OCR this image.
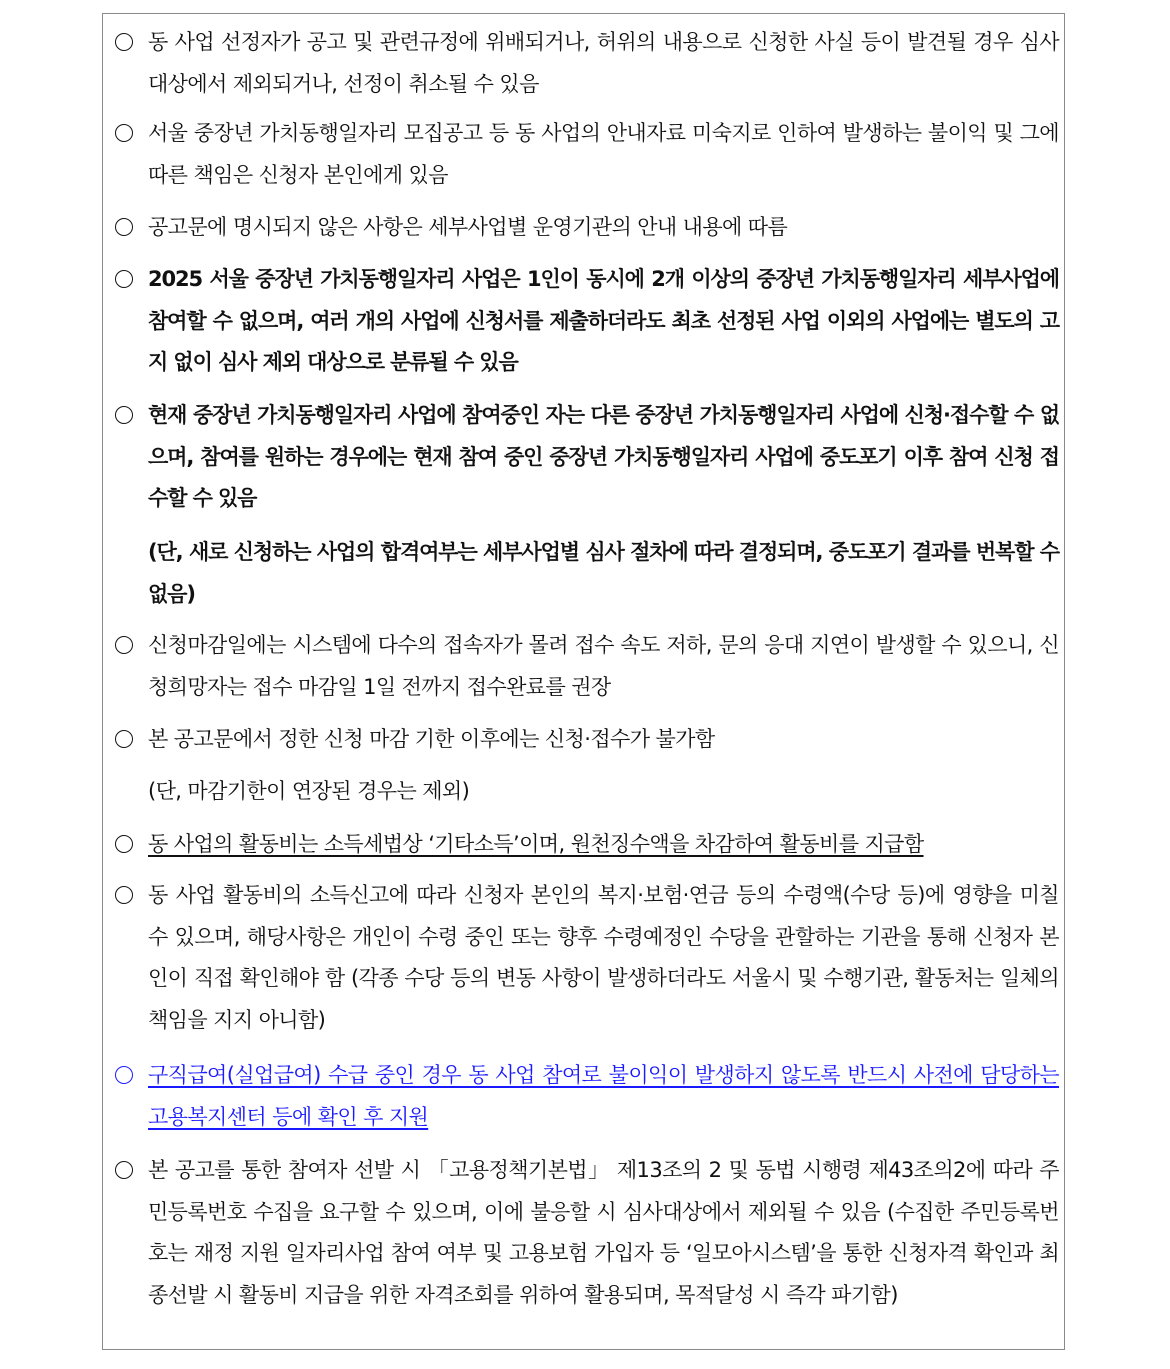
동 사업 선정자가 공고 및 관련규정에 위배되거나, 허위의 내용으로 신청한 사실 등이 발견될 경우 심사대상에서 제외되거나, 선정이 취소될 수 있음
서울 중장년 가치동행일자리 모집공고 등 동 사업의 안내자료 미숙지로 인하여 발생하는 불이익 및 그에 따른 책임은 신청자 본인에게 있음
공고문에 명시되지 않은 사항은 세부사업별 운영기관의 안내 내용에 따름
2025 서울 중장년 가치동행일자리 사업은 1인이 동시에 2개 이상의 중장년 가치동행일자리 세부사업에 참여할 수 없으며, 여러 개의 사업에 신청서를 제출하더라도 최초 선정된 사업 이외의 사업에는 별도의 고지 없이 심사 제외 대상으로 분류될 수 있음
현재 중장년 가치동행일자리 사업에 참여중인 자는 다른 중장년 가치동행일자리 사업에 신청·접수할 수 없으며, 참여를 원하는 경우에는 현재 참여 중인 중장년 가치동행일자리 사업에 중도포기 이후 참여 신청 접수할 수 있음
(단, 새로 신청하는 사업의 합격여부는 세부사업별 심사 절차에 따라 결정되며, 중도포기 결과를 번복할 수 없음)
신청마감일에는 시스템에 다수의 접속자가 몰려 접수 속도 저하, 문의 응대 지연이 발생할 수 있으니, 신청희망자는 접수 마감일 1일 전까지 접수완료를 권장
본 공고문에서 정한 신청 마감 기한 이후에는 신청·접수가 불가함
(단, 마감기한이 연장된 경우는 제외)
동 사업의 활동비는 소득세법상 ‘기타소득’이며, 원천징수액을 차감하여 활동비를 지급함
동 사업 활동비의 소득신고에 따라 신청자 본인의 복지·보험·연금 등의 수령액(수당 등)에 영향을 미칠 수 있으며, 해당사항은 개인이 수령 중인 또는 향후 수령예정인 수당을 관할하는 기관을 통해 신청자 본인이 직접 확인해야 함 (각종 수당 등의 변동 사항이 발생하더라도 서울시 및 수행기관, 활동처는 일체의 책임을 지지 아니함)
구직급여(실업급여) 수급 중인 경우 동 사업 참여로 불이익이 발생하지 않도록 반드시 사전에 담당하는 고용복지센터 등에 확인 후 지원
본 공고를 통한 참여자 선발 시 「고용정책기본법」 제13조의 2 및 동법 시행령 제43조의2에 따라 주민등록번호 수집을 요구할 수 있으며, 이에 불응할 시 심사대상에서 제외될 수 있음 (수집한 주민등록번호는 재정 지원 일자리사업 참여 여부 및 고용보험 가입자 등 ‘일모아시스템’을 통한 신청자격 확인과 최종선발 시 활동비 지급을 위한 자격조회를 위하여 활용되며, 목적달성 시 즉각 파기함)
